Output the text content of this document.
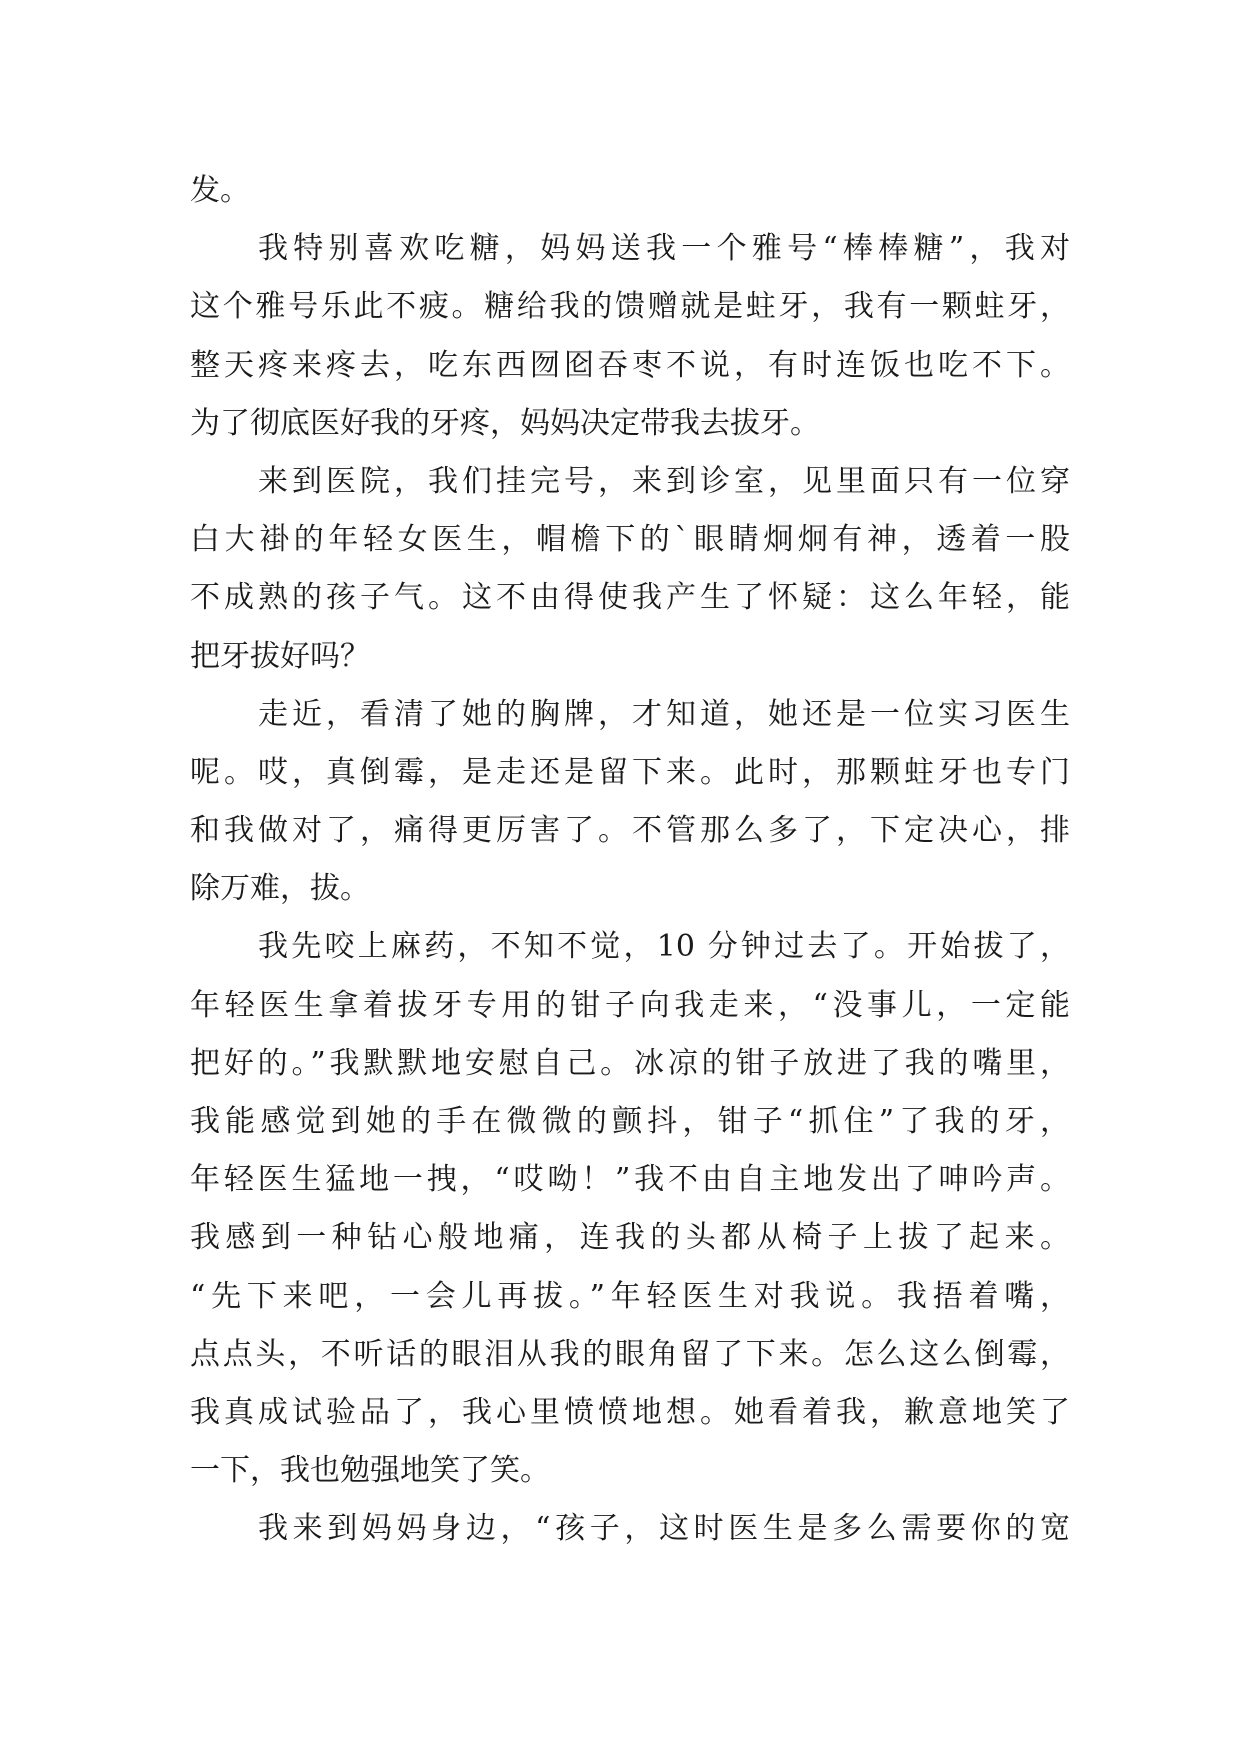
发。
我特别喜欢吃糖，妈妈送我一个雅号“棒棒糖”，我对
这个雅号乐此不疲。糖给我的馈赠就是蛀牙，我有一颗蛀牙，
整天疼来疼去，吃东西囫囵吞枣不说，有时连饭也吃不下。
为了彻底医好我的牙疼，妈妈决定带我去拔牙。
来到医院，我们挂完号，来到诊室，见里面只有一位穿
白大褂的年轻女医生，帽檐下的`眼睛炯炯有神，透着一股
不成熟的孩子气。这不由得使我产生了怀疑：这么年轻，能
把牙拔好吗？
走近，看清了她的胸牌，才知道，她还是一位实习医生
呢。哎，真倒霉，是走还是留下来。此时，那颗蛀牙也专门
和我做对了，痛得更厉害了。不管那么多了，下定决心，排
除万难，拔。
我先咬上麻药，不知不觉，10 分钟过去了。开始拔了，
年轻医生拿着拔牙专用的钳子向我走来，“没事儿，一定能
把好的。”我默默地安慰自己。冰凉的钳子放进了我的嘴里，
我能感觉到她的手在微微的颤抖，钳子“抓住”了我的牙，
年轻医生猛地一拽，“哎呦！”我不由自主地发出了呻吟声。
我感到一种钻心般地痛，连我的头都从椅子上拔了起来。
“先下来吧，一会儿再拔。”年轻医生对我说。我捂着嘴，
点点头，不听话的眼泪从我的眼角留了下来。怎么这么倒霉，
我真成试验品了，我心里愤愤地想。她看着我，歉意地笑了
一下，我也勉强地笑了笑。
我来到妈妈身边，“孩子，这时医生是多么需要你的宽
